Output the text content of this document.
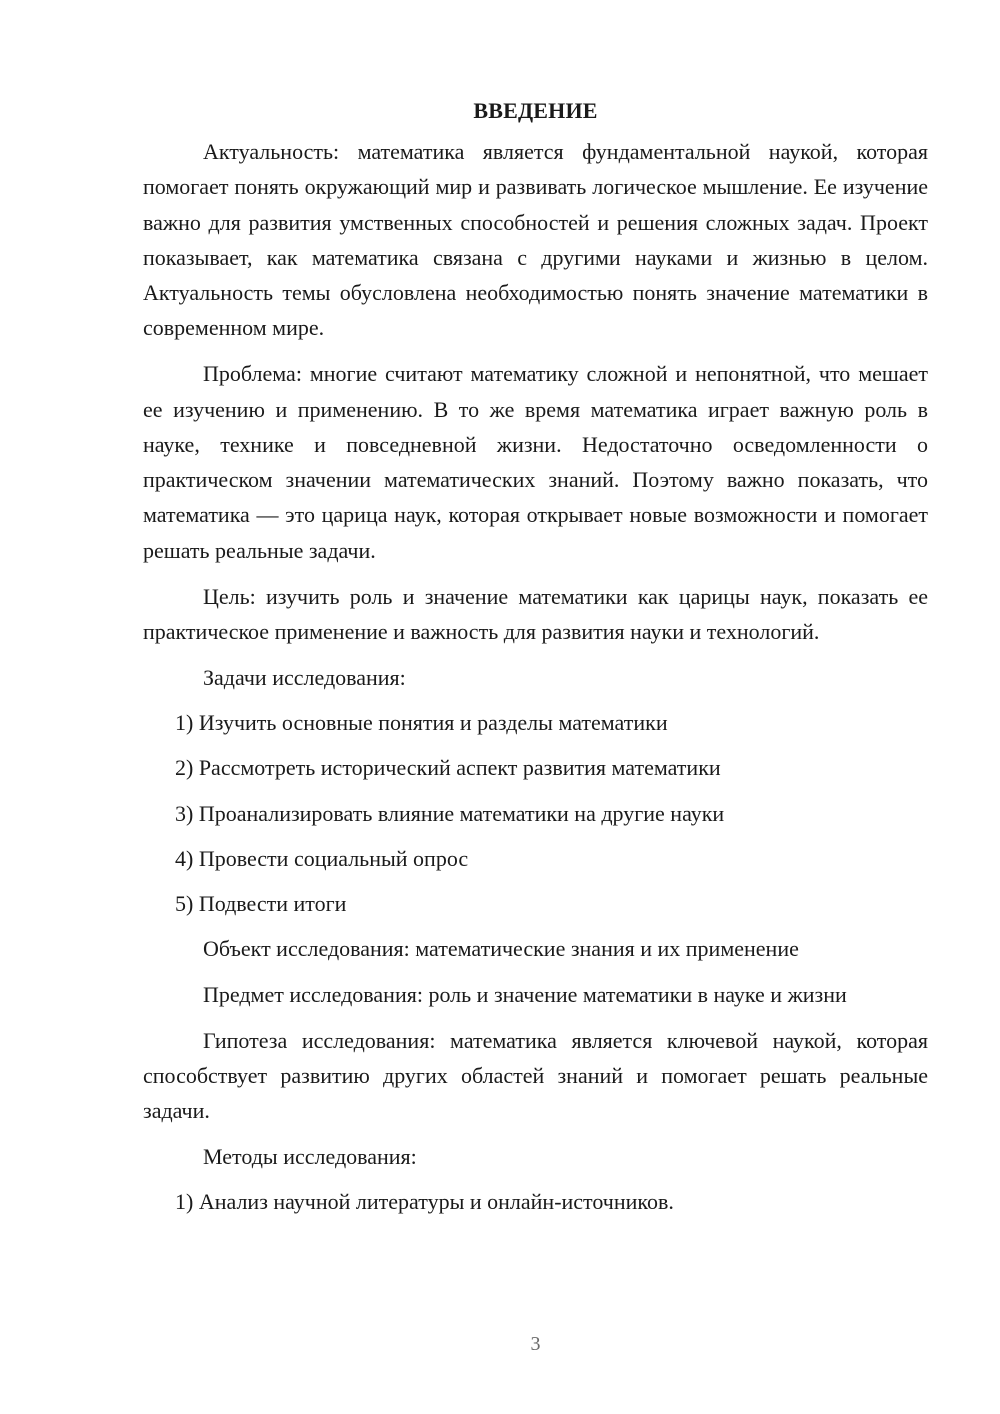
ВВЕДЕНИЕ

Актуальность: математика является фундаментальной наукой, которая помогает понять окружающий мир и развивать логическое мышление. Ее изучение важно для развития умственных способностей и решения сложных задач. Проект показывает, как математика связана с другими науками и жизнью в целом. Актуальность темы обусловлена необходимостью понять значение математики в современном мире.

Проблема: многие считают математику сложной и непонятной, что мешает ее изучению и применению. В то же время математика играет важную роль в науке, технике и повседневной жизни. Недостаточно осведомленности о практическом значении математических знаний. Поэтому важно показать, что математика — это царица наук, которая открывает новые возможности и помогает решать реальные задачи.

Цель: изучить роль и значение математики как царицы наук, показать ее практическое применение и важность для развития науки и технологий.

Задачи исследования:
1) Изучить основные понятия и разделы математики
2) Рассмотреть исторический аспект развития математики
3) Проанализировать влияние математики на другие науки
4) Провести социальный опрос
5) Подвести итоги
Объект исследования: математические знания и их применение

Предмет исследования: роль и значение математики в науке и жизни

Гипотеза исследования: математика является ключевой наукой, которая способствует развитию других областей знаний и помогает решать реальные задачи.

Методы исследования:
1) Анализ научной литературы и онлайн-источников.
3
